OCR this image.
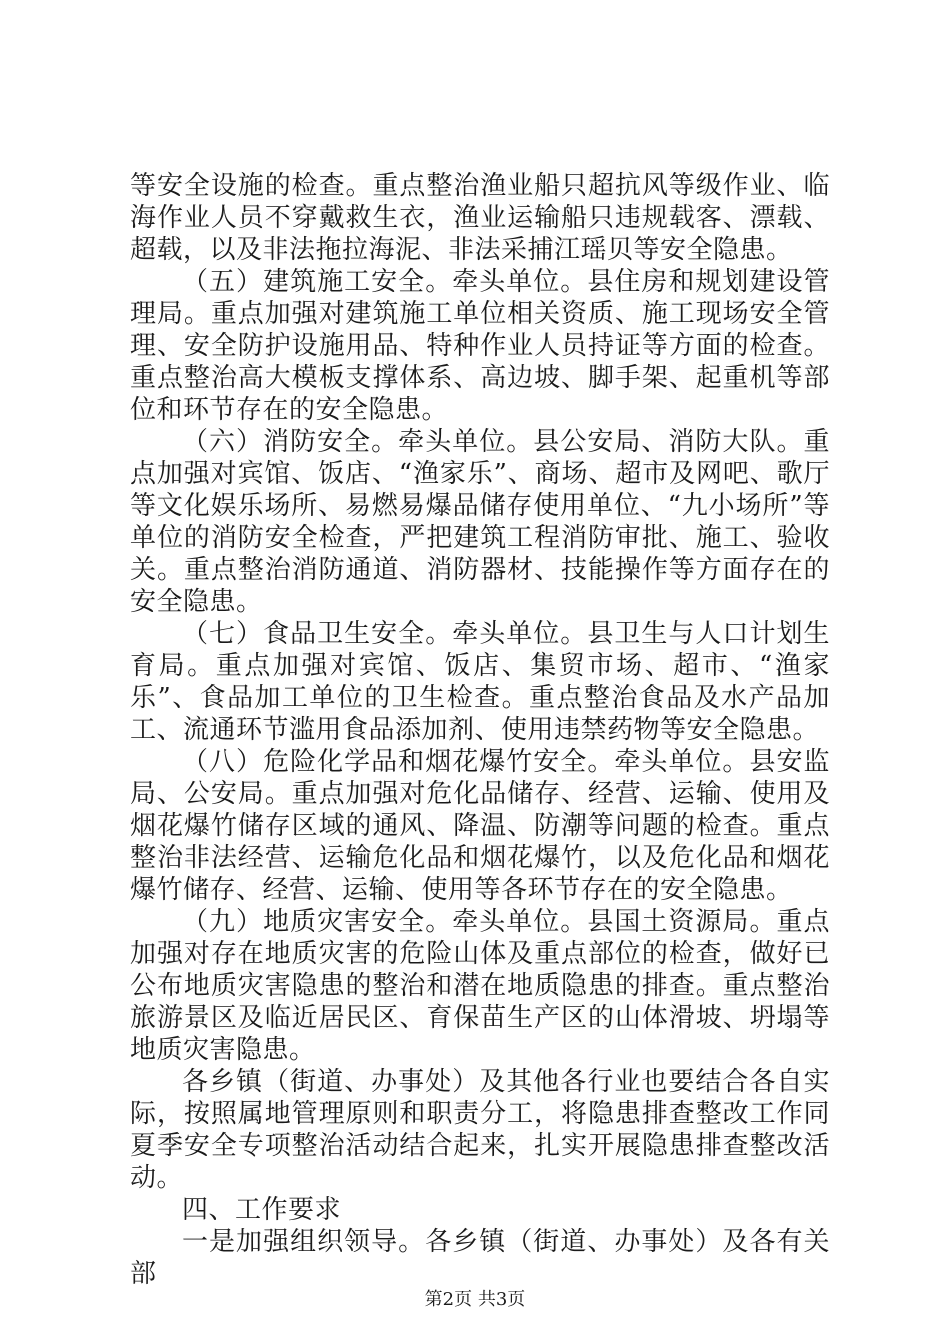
等安全设施的检查。重点整治渔业船只超抗风等级作业、临海作业人员不穿戴救生衣，渔业运输船只违规载客、漂载、超载，以及非法拖拉海泥、非法采捕江瑶贝等安全隐患。

（五）建筑施工安全。牵头单位。县住房和规划建设管理局。重点加强对建筑施工单位相关资质、施工现场安全管理、安全防护设施用品、特种作业人员持证等方面的检查。重点整治高大模板支撑体系、高边坡、脚手架、起重机等部位和环节存在的安全隐患。

（六）消防安全。牵头单位。县公安局、消防大队。重点加强对宾馆、饭店、“渔家乐”、商场、超市及网吧、歌厅等文化娱乐场所、易燃易爆品储存使用单位、“九小场所”等单位的消防安全检查，严把建筑工程消防审批、施工、验收关。重点整治消防通道、消防器材、技能操作等方面存在的安全隐患。

（七）食品卫生安全。牵头单位。县卫生与人口计划生育局。重点加强对宾馆、饭店、集贸市场、超市、“渔家乐”、食品加工单位的卫生检查。重点整治食品及水产品加工、流通环节滥用食品添加剂、使用违禁药物等安全隐患。

（八）危险化学品和烟花爆竹安全。牵头单位。县安监局、公安局。重点加强对危化品储存、经营、运输、使用及烟花爆竹储存区域的通风、降温、防潮等问题的检查。重点整治非法经营、运输危化品和烟花爆竹，以及危化品和烟花爆竹储存、经营、运输、使用等各环节存在的安全隐患。

（九）地质灾害安全。牵头单位。县国土资源局。重点加强对存在地质灾害的危险山体及重点部位的检查，做好已公布地质灾害隐患的整治和潜在地质隐患的排查。重点整治旅游景区及临近居民区、育保苗生产区的山体滑坡、坍塌等地质灾害隐患。

各乡镇（街道、办事处）及其他各行业也要结合各自实际，按照属地管理原则和职责分工，将隐患排查整改工作同夏季安全专项整治活动结合起来，扎实开展隐患排查整改活动。

四、工作要求

一是加强组织领导。各乡镇（街道、办事处）及各有关部

第2页 共3页
